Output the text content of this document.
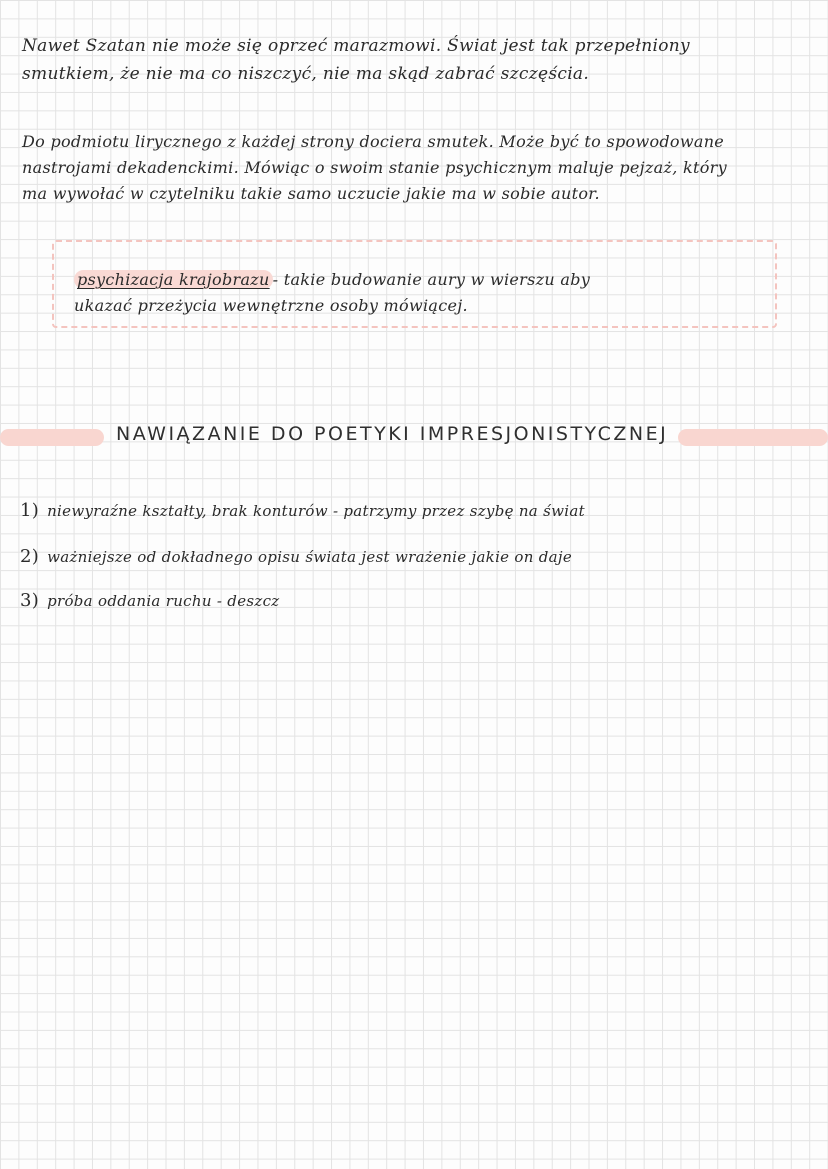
Nawet Szatan nie może się oprzeć marazmowi. Świat jest tak przepełniony
smutkiem, że nie ma co niszczyć, nie ma skąd zabrać szczęścia.
Do podmiotu lirycznego z każdej strony dociera smutek. Może być to spowodowane
nastrojami dekadenckimi. Mówiąc o swoim stanie psychicznym maluje pejzaż, który
ma wywołać w czytelniku takie samo uczucie jakie ma w sobie autor.
psychizacja krajobrazu - takie budowanie aury w wierszu aby
ukazać przeżycia wewnętrzne osoby mówiącej.
NAWIĄZANIE DO POETYKI IMPRESJONISTYCZNEJ
1) niewyraźne kształty, brak konturów - patrzymy przez szybę na świat
2) ważniejsze od dokładnego opisu świata jest wrażenie jakie on daje
3) próba oddania ruchu - deszcz
